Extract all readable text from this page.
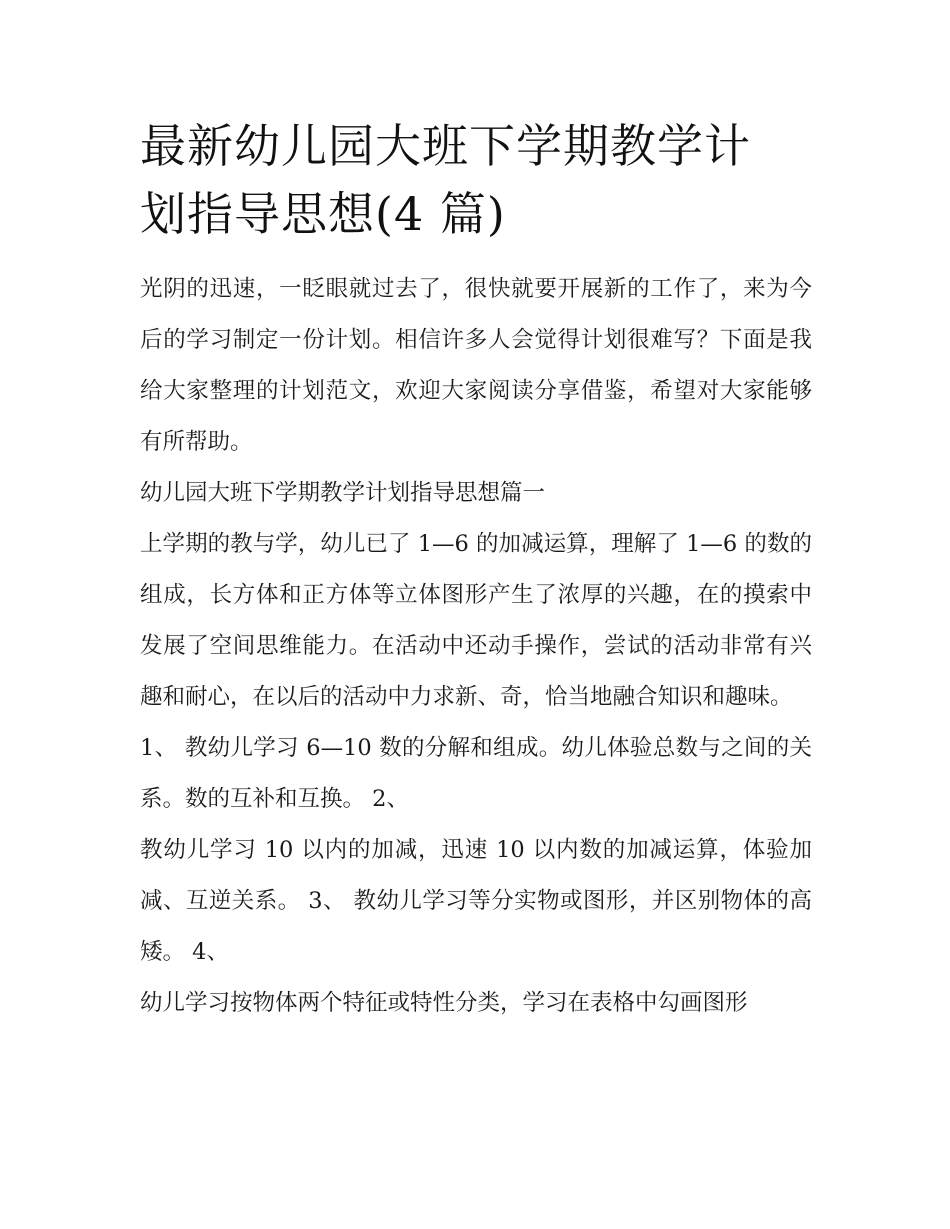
最新幼儿园大班下学期教学计
划指导思想(4 篇)

光阴的迅速，一眨眼就过去了，很快就要开展新的工作了，来为今后的学习制定一份计划。相信许多人会觉得计划很难写？下面是我给大家整理的计划范文，欢迎大家阅读分享借鉴，希望对大家能够有所帮助。

幼儿园大班下学期教学计划指导思想篇一

上学期的教与学，幼儿已了 1—6 的加减运算，理解了 1—6 的数的组成，长方体和正方体等立体图形产生了浓厚的兴趣，在的摸索中发展了空间思维能力。在活动中还动手操作，尝试的活动非常有兴趣和耐心，在以后的活动中力求新、奇，恰当地融合知识和趣味。

1、 教幼儿学习 6—10 数的分解和组成。幼儿体验总数与之间的关系。数的互补和互换。 2、

教幼儿学习 10 以内的加减，迅速 10 以内数的加减运算，体验加减、互逆关系。 3、 教幼儿学习等分实物或图形，并区别物体的高矮。 4、

幼儿学习按物体两个特征或特性分类，学习在表格中勾画图形
